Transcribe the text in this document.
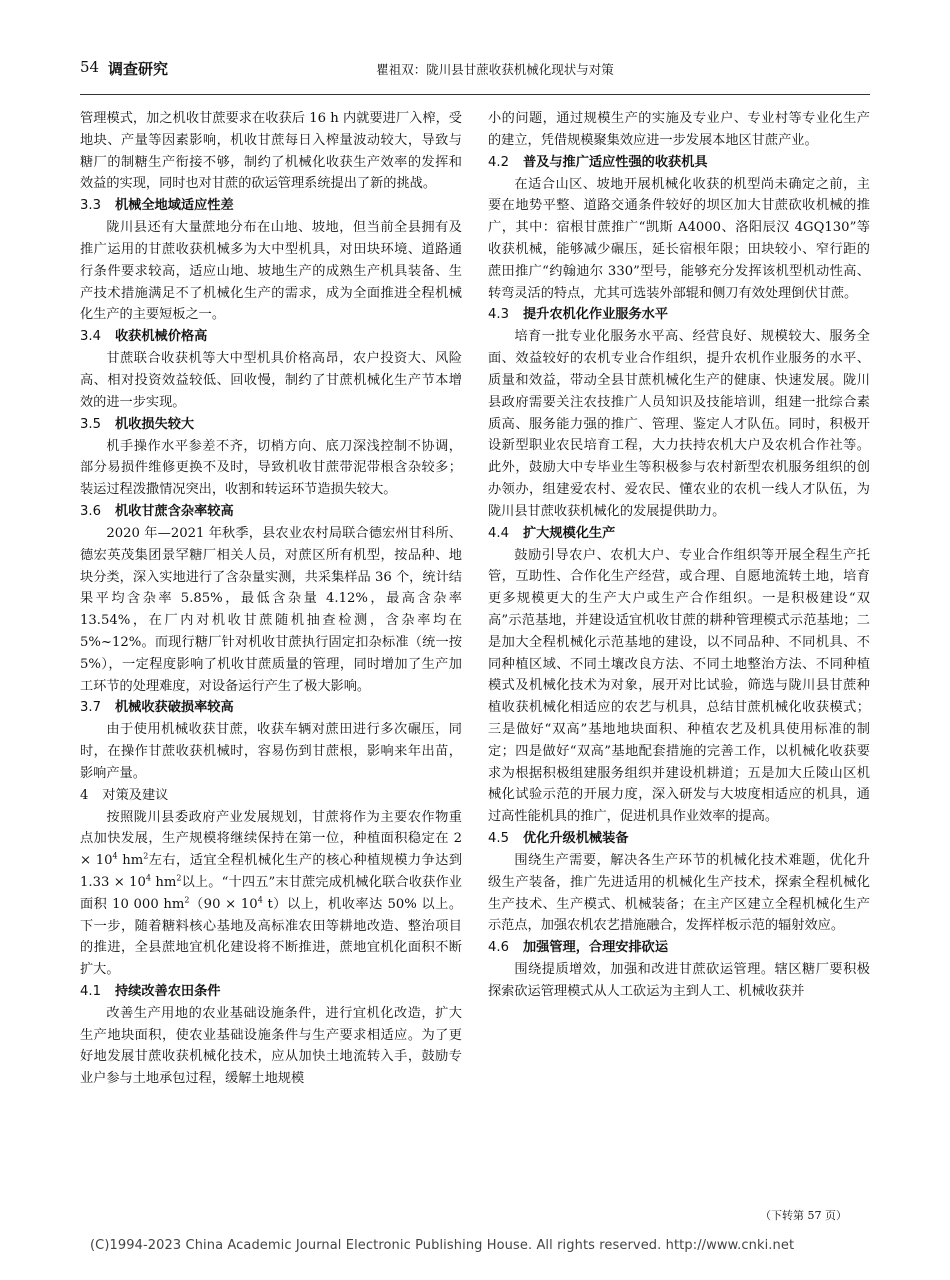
54 调查研究	瞿祖双：陇川县甘蔗收获机械化现状与对策

管理模式，加之机收甘蔗要求在收获后 16 h 内就要进厂入榨，受地块、产量等因素影响，机收甘蔗每日入榨量波动较大，导致与糖厂的制糖生产衔接不够，制约了机械化收获生产效率的发挥和效益的实现，同时也对甘蔗的砍运管理系统提出了新的挑战。

3.3 机械全地域适应性差

陇川县还有大量蔗地分布在山地、坡地，但当前全县拥有及推广运用的甘蔗收获机械多为大中型机具，对田块环境、道路通行条件要求较高，适应山地、坡地生产的成熟生产机具装备、生产技术措施满足不了机械化生产的需求，成为全面推进全程机械化生产的主要短板之一。

3.4 收获机械价格高

甘蔗联合收获机等大中型机具价格高昂，农户投资大、风险高、相对投资效益较低、回收慢，制约了甘蔗机械化生产节本增效的进一步实现。

3.5 机收损失较大

机手操作水平参差不齐，切梢方向、底刀深浅控制不协调，部分易损件维修更换不及时，导致机收甘蔗带泥带根含杂较多；装运过程泼撒情况突出，收割和转运环节造损失较大。

3.6 机收甘蔗含杂率较高

2020 年—2021 年秋季，县农业农村局联合德宏州甘科所、德宏英茂集团景罕糖厂相关人员，对蔗区所有机型，按品种、地块分类，深入实地进行了含杂量实测，共采集样品 36 个，统计结果平均含杂率 5.85%，最低含杂量 4.12%，最高含杂率 13.54%，在厂内对机收甘蔗随机抽查检测，含杂率均在 5%~12%。而现行糖厂针对机收甘蔗执行固定扣杂标准（统一按 5%），一定程度影响了机收甘蔗质量的管理，同时增加了生产加工环节的处理难度，对设备运行产生了极大影响。

3.7 机械收获破损率较高

由于使用机械收获甘蔗，收获车辆对蔗田进行多次碾压，同时，在操作甘蔗收获机械时，容易伤到甘蔗根，影响来年出苗，影响产量。

4 对策及建议

按照陇川县委政府产业发展规划，甘蔗将作为主要农作物重点加快发展，生产规模将继续保持在第一位，种植面积稳定在 $2 \times 10^4$ $hm^2$左右，适宜全程机械化生产的核心种植规模力争达到 $1.33 \times 10^4$ $hm^2$以上。“十四五”末甘蔗完成机械化联合收获作业面积 10 000 $hm^2(90 \times 10^4$ t）以上，机收率达 50% 以上。下一步，随着糖料核心基地及高标准农田等耕地改造、整治项目的推进，全县蔗地宜机化建设将不断推进，蔗地宜机化面积不断扩大。

4.1 持续改善农田条件

改善生产用地的农业基础设施条件，进行宜机化改造，扩大生产地块面积，使农业基础设施条件与生产要求相适应。为了更好地发展甘蔗收获机械化技术，应从加快土地流转入手，鼓励专业户参与土地承包过程，缓解土地规模

小的问题，通过规模生产的实施及专业户、专业村等专业化生产的建立，凭借规模聚集效应进一步发展本地区甘蔗产业。

4.2 普及与推广适应性强的收获机具

在适合山区、坡地开展机械化收获的机型尚未确定之前，主要在地势平整、道路交通条件较好的坝区加大甘蔗砍收机械的推广，其中：宿根甘蔗推广“凯斯 A4000、洛阳辰汉 4GQ130”等收获机械，能够减少碾压，延长宿根年限；田块较小、窄行距的蔗田推广“约翰迪尔 330”型号，能够充分发挥该机型机动性高、转弯灵活的特点，尤其可选装外部辊和侧刀有效处理倒伏甘蔗。

4.3 提升农机化作业服务水平

培育一批专业化服务水平高、经营良好、规模较大、服务全面、效益较好的农机专业合作组织，提升农机作业服务的水平、质量和效益，带动全县甘蔗机械化生产的健康、快速发展。陇川县政府需要关注农技推广人员知识及技能培训，组建一批综合素质高、服务能力强的推广、管理、鉴定人才队伍。同时，积极开设新型职业农民培育工程，大力扶持农机大户及农机合作社等。此外，鼓励大中专毕业生等积极参与农村新型农机服务组织的创办领办，组建爱农村、爱农民、懂农业的农机一线人才队伍，为陇川县甘蔗收获机械化的发展提供助力。

4.4 扩大规模化生产

鼓励引导农户、农机大户、专业合作组织等开展全程生产托管，互助性、合作化生产经营，或合理、自愿地流转土地，培育更多规模更大的生产大户或生产合作组织。一是积极建设“双高”示范基地，并建设适宜机收甘蔗的耕种管理模式示范基地；二是加大全程机械化示范基地的建设，以不同品种、不同机具、不同种植区域、不同土壤改良方法、不同土地整治方法、不同种植模式及机械化技术为对象，展开对比试验，筛选与陇川县甘蔗种植收获机械化相适应的农艺与机具，总结甘蔗机械化收获模式；三是做好“双高”基地地块面积、种植农艺及机具使用标准的制定；四是做好“双高”基地配套措施的完善工作，以机械化收获要求为根据积极组建服务组织并建设机耕道；五是加大丘陵山区机械化试验示范的开展力度，深入研发与大坡度相适应的机具，通过高性能机具的推广，促进机具作业效率的提高。

4.5 优化升级机械装备

围绕生产需要，解决各生产环节的机械化技术难题，优化升级生产装备，推广先进适用的机械化生产技术，探索全程机械化生产技术、生产模式、机械装备；在主产区建立全程机械化生产示范点，加强农机农艺措施融合，发挥样板示范的辐射效应。

4.6 加强管理，合理安排砍运

围绕提质增效，加强和改进甘蔗砍运管理。辖区糖厂要积极探索砍运管理模式从人工砍运为主到人工、机械收获并

（下转第 57 页）
(C)1994-2023 China Academic Journal Electronic Publishing House. All rights reserved. http://www.cnki.net
